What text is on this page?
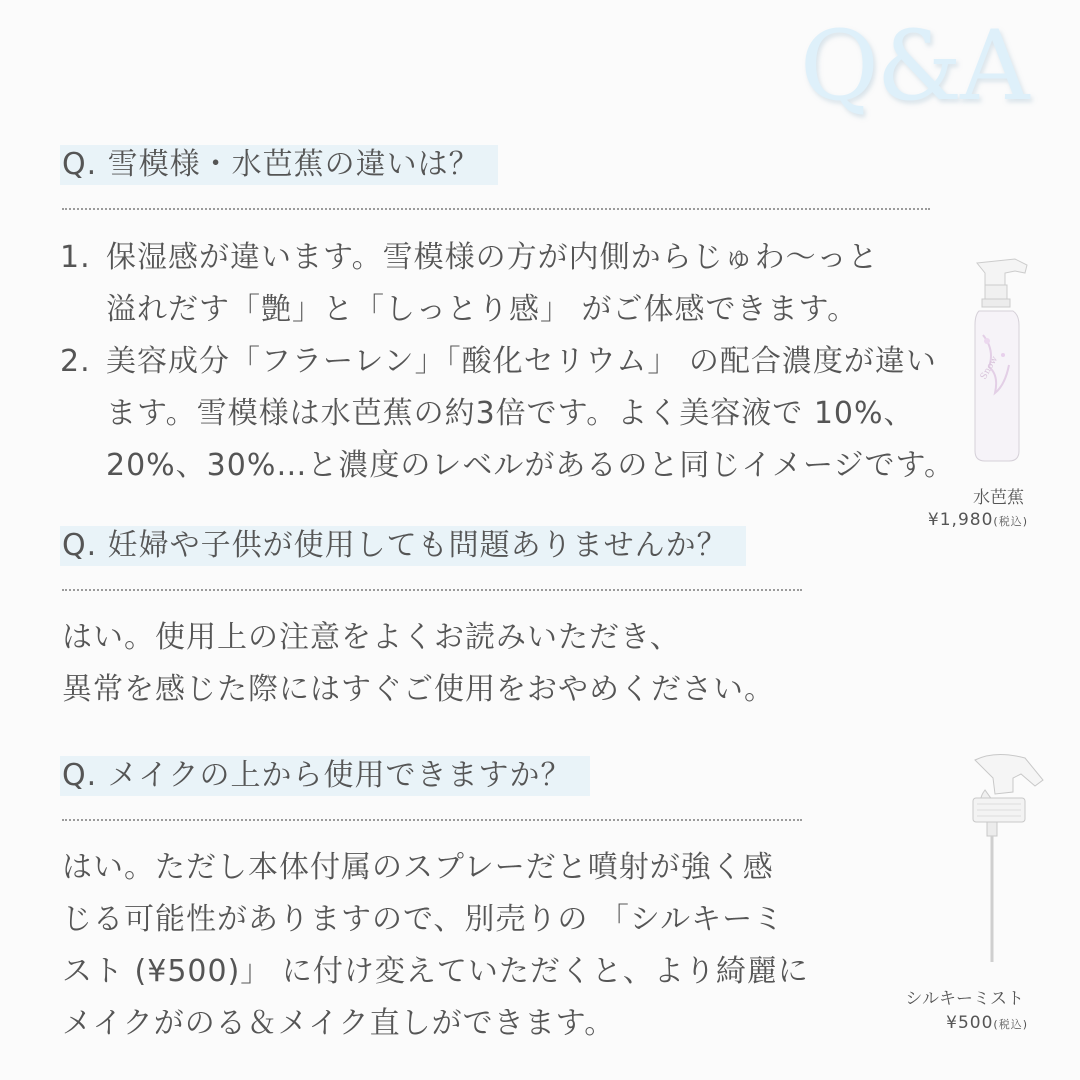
Q&A
Q. 雪模様・水芭蕉の違いは？
1. 保湿感が違います。雪模様の方が内側からじゅわ〜っと
溢れだす「艶」と「しっとり感」 がご体感できます。
2. 美容成分「フラーレン」「酸化セリウム」 の配合濃度が違い
ます。雪模様は水芭蕉の約3倍です。よく美容液で 10%、
20%、30%…と濃度のレベルがあるのと同じイメージです。
Q. 妊婦や子供が使用しても問題ありませんか？
はい。使用上の注意をよくお読みいただき、
異常を感じた際にはすぐご使用をおやめください。
Q. メイクの上から使用できますか？
はい。ただし本体付属のスプレーだと噴射が強く感
じる可能性がありますので、別売りの 「シルキーミ
スト (¥500)」 に付け変えていただくと、より綺麗に
メイクがのる＆メイク直しができます。
Snow
水芭蕉
¥1,980(税込)
シルキーミスト
¥500(税込)
